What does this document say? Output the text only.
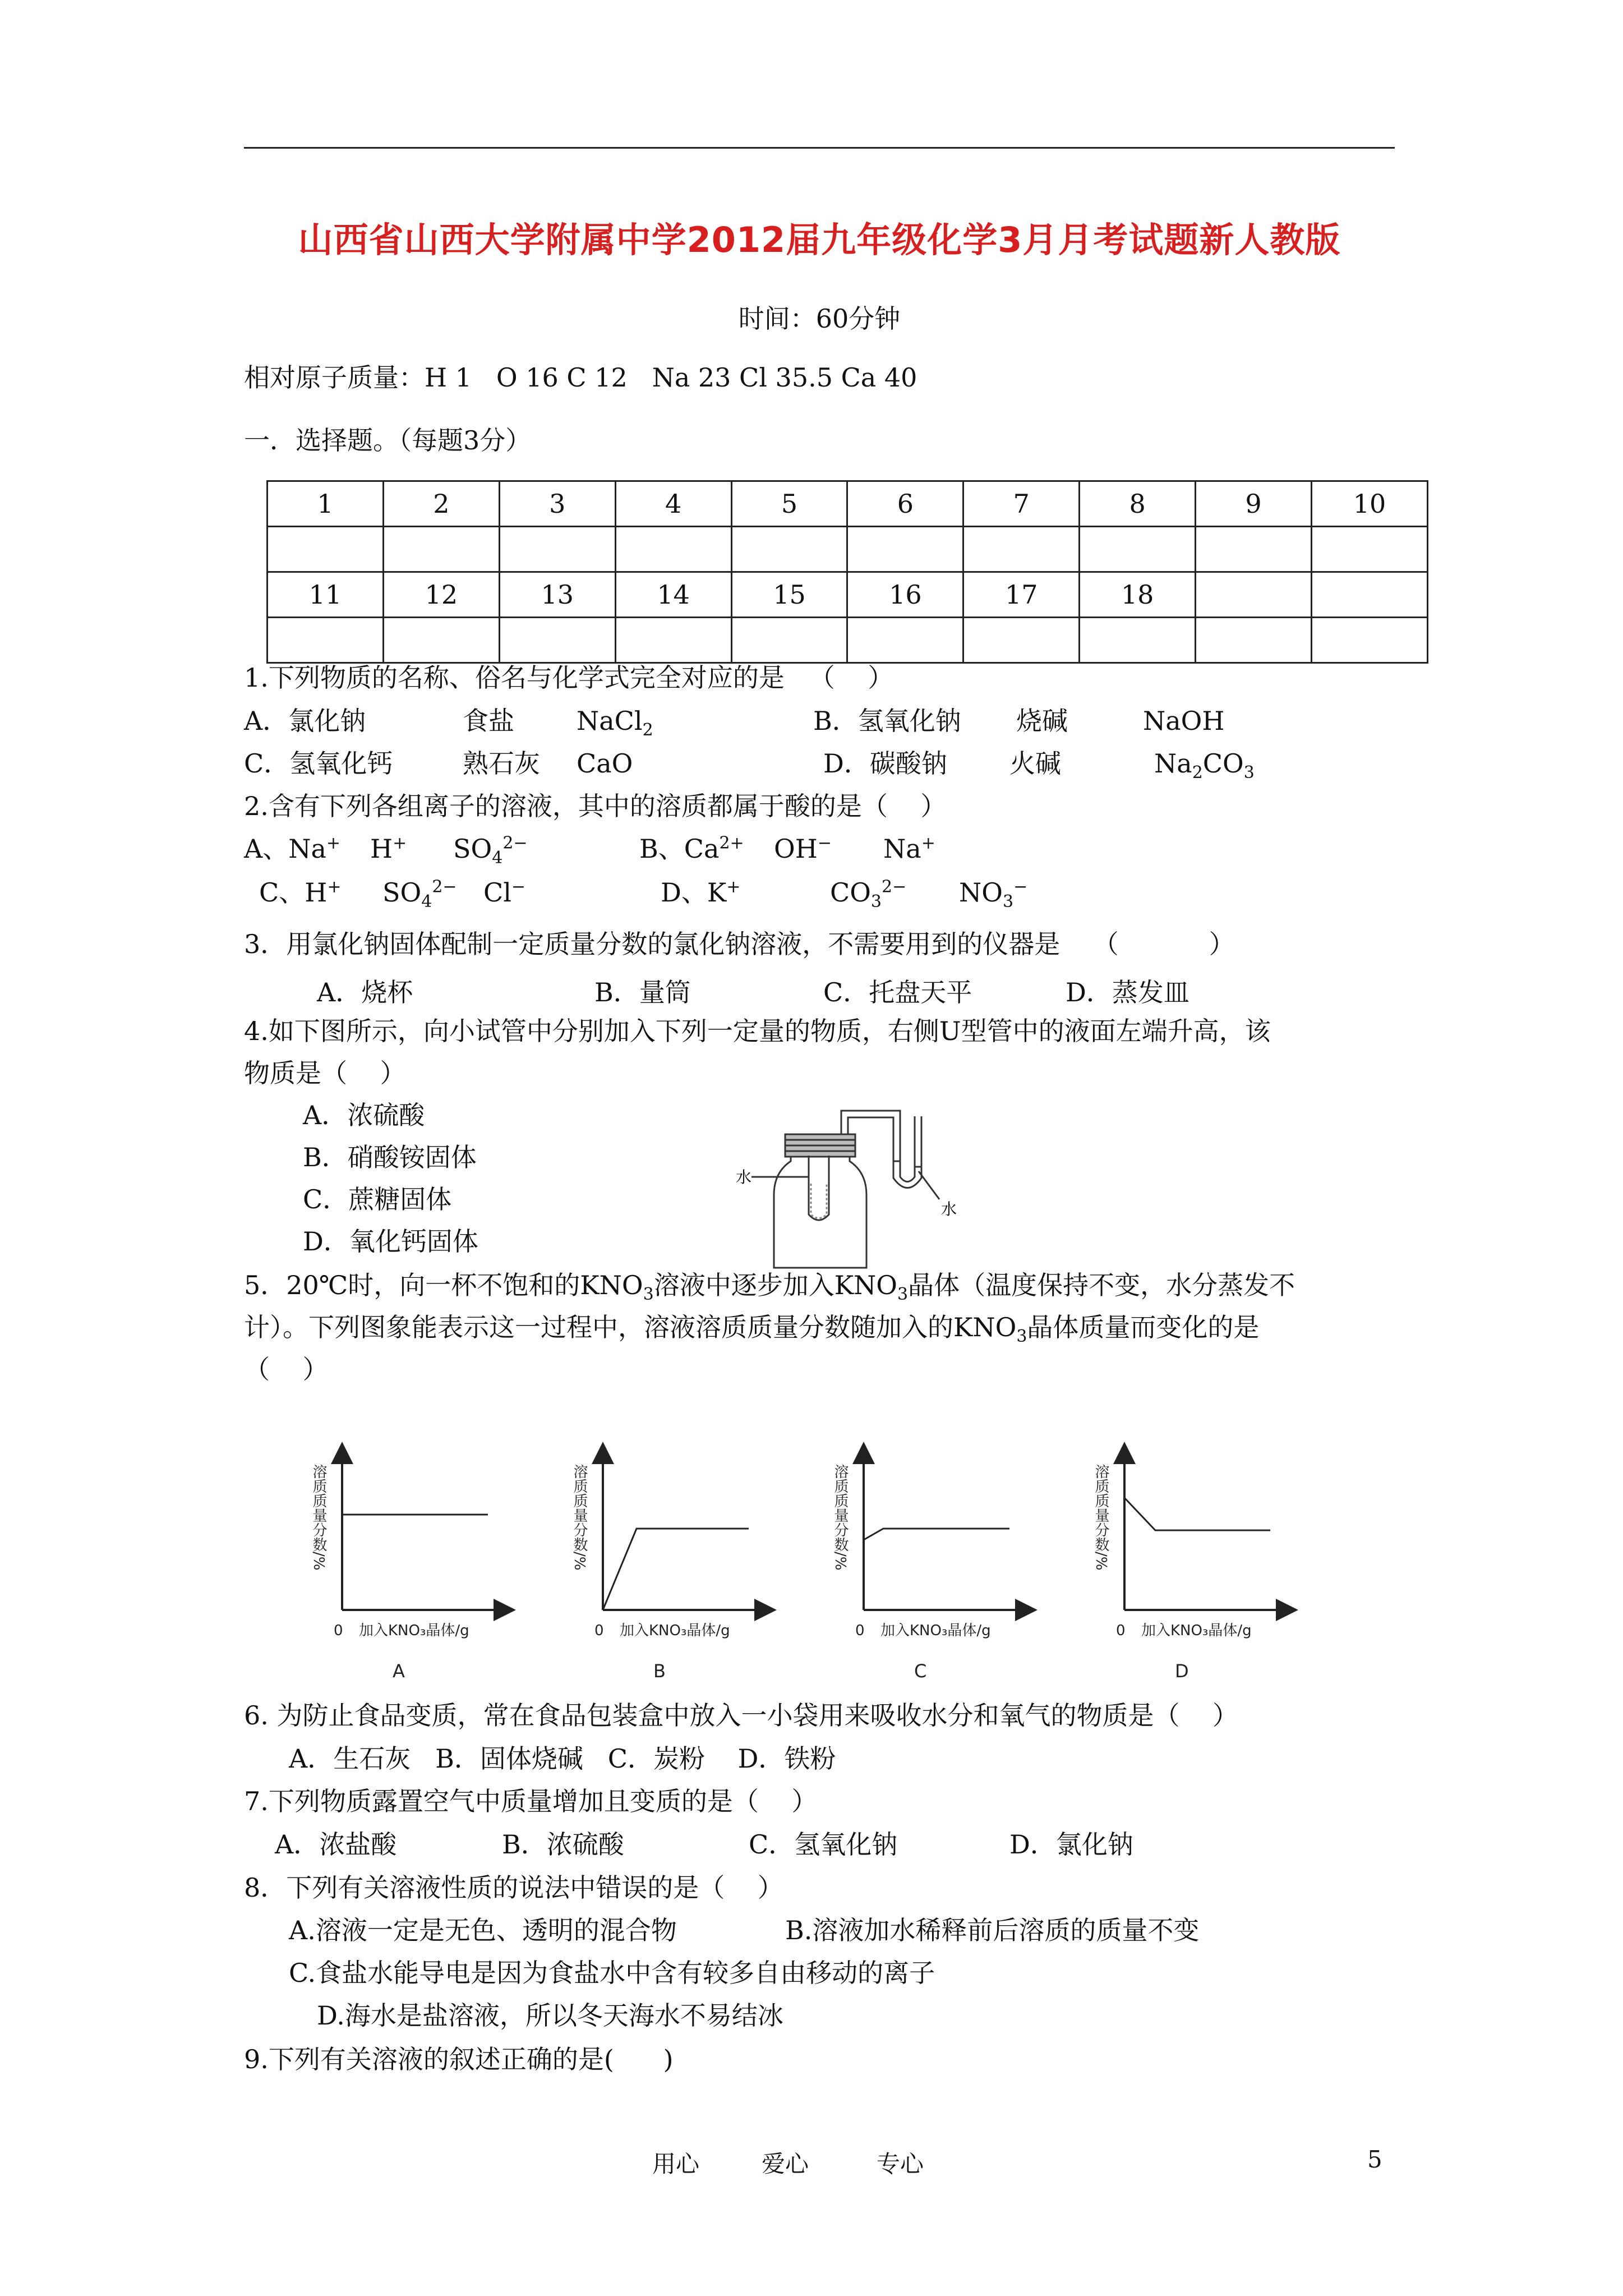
山西省山西大学附属中学2012届九年级化学3月月考试题新人教版
时间：60分钟
相对原子质量：H 1   O 16 C 12   Na 23 Cl 35.5 Ca 40
一．选择题。（每题3分）
1	2	3	4	5	6	7	8	9	10

11	12	13	14	15	16	17	18		

1.下列物质的名称、俗名与化学式完全对应的是   （    ）
A．氯化钠	食盐 NaCl$_2$	B．氢氧化钠 烧碱	NaOH
C．氢氧化钙	熟石灰 CaO	D．碳酸钠 火碱	$Na_2CO_3$
2.含有下列各组离子的溶液，其中的溶质都属于酸的是（    ）
A、Na+ H+ $SO_4^{2-}$	B、$Ca^{2+}$ OH− Na+
C、H+ $SO_4^{2-}$ Cl−	D、K+	$CO_3^{2-}$ $NO_3^-$
3．用氯化钠固体配制一定质量分数的氯化钠溶液，不需要用到的仪器是    （           ）
A．烧杯	B．量筒	C．托盘天平	D．蒸发皿
4.如下图所示，向小试管中分别加入下列一定量的物质，右侧U型管中的液面左端升高，该
物质是（    ）
A．浓硫酸
B．硝酸铵固体
C．蔗糖固体
D．氧化钙固体
水
水
5．20℃时，向一杯不饱和的$KNO_3$溶液中逐步加入$KNO_3$晶体（温度保持不变，水分蒸发不
计）。下列图象能表示这一过程中，溶液溶质质量分数随加入的$KNO_3$晶体质量而变化的是
（    ）
溶质质量分数/%	溶质质量分数/%	溶质质量分数/%	溶质质量分数/%
0	0	0	0
加入KNO₃晶体/g	加入KNO₃晶体/g	加入KNO₃晶体/g	加入KNO₃晶体/g
A	B	C	D
6. 为防止食品变质，常在食品包装盒中放入一小袋用来吸收水分和氧气的物质是（    ）
A．生石灰   B．固体烧碱   C．炭粉    D．铁粉
7.下列物质露置空气中质量增加且变质的是（    ）
A．浓盐酸	B．浓硫酸	C．氢氧化钠	D．氯化钠
8．下列有关溶液性质的说法中错误的是（    ）
A.溶液一定是无色、透明的混合物	B.溶液加水稀释前后溶质的质量不变
C.食盐水能导电是因为食盐水中含有较多自由移动的离子
D.海水是盐溶液，所以冬天海水不易结冰
9.下列有关溶液的叙述正确的是(      )
用心	爱心	专心	5
